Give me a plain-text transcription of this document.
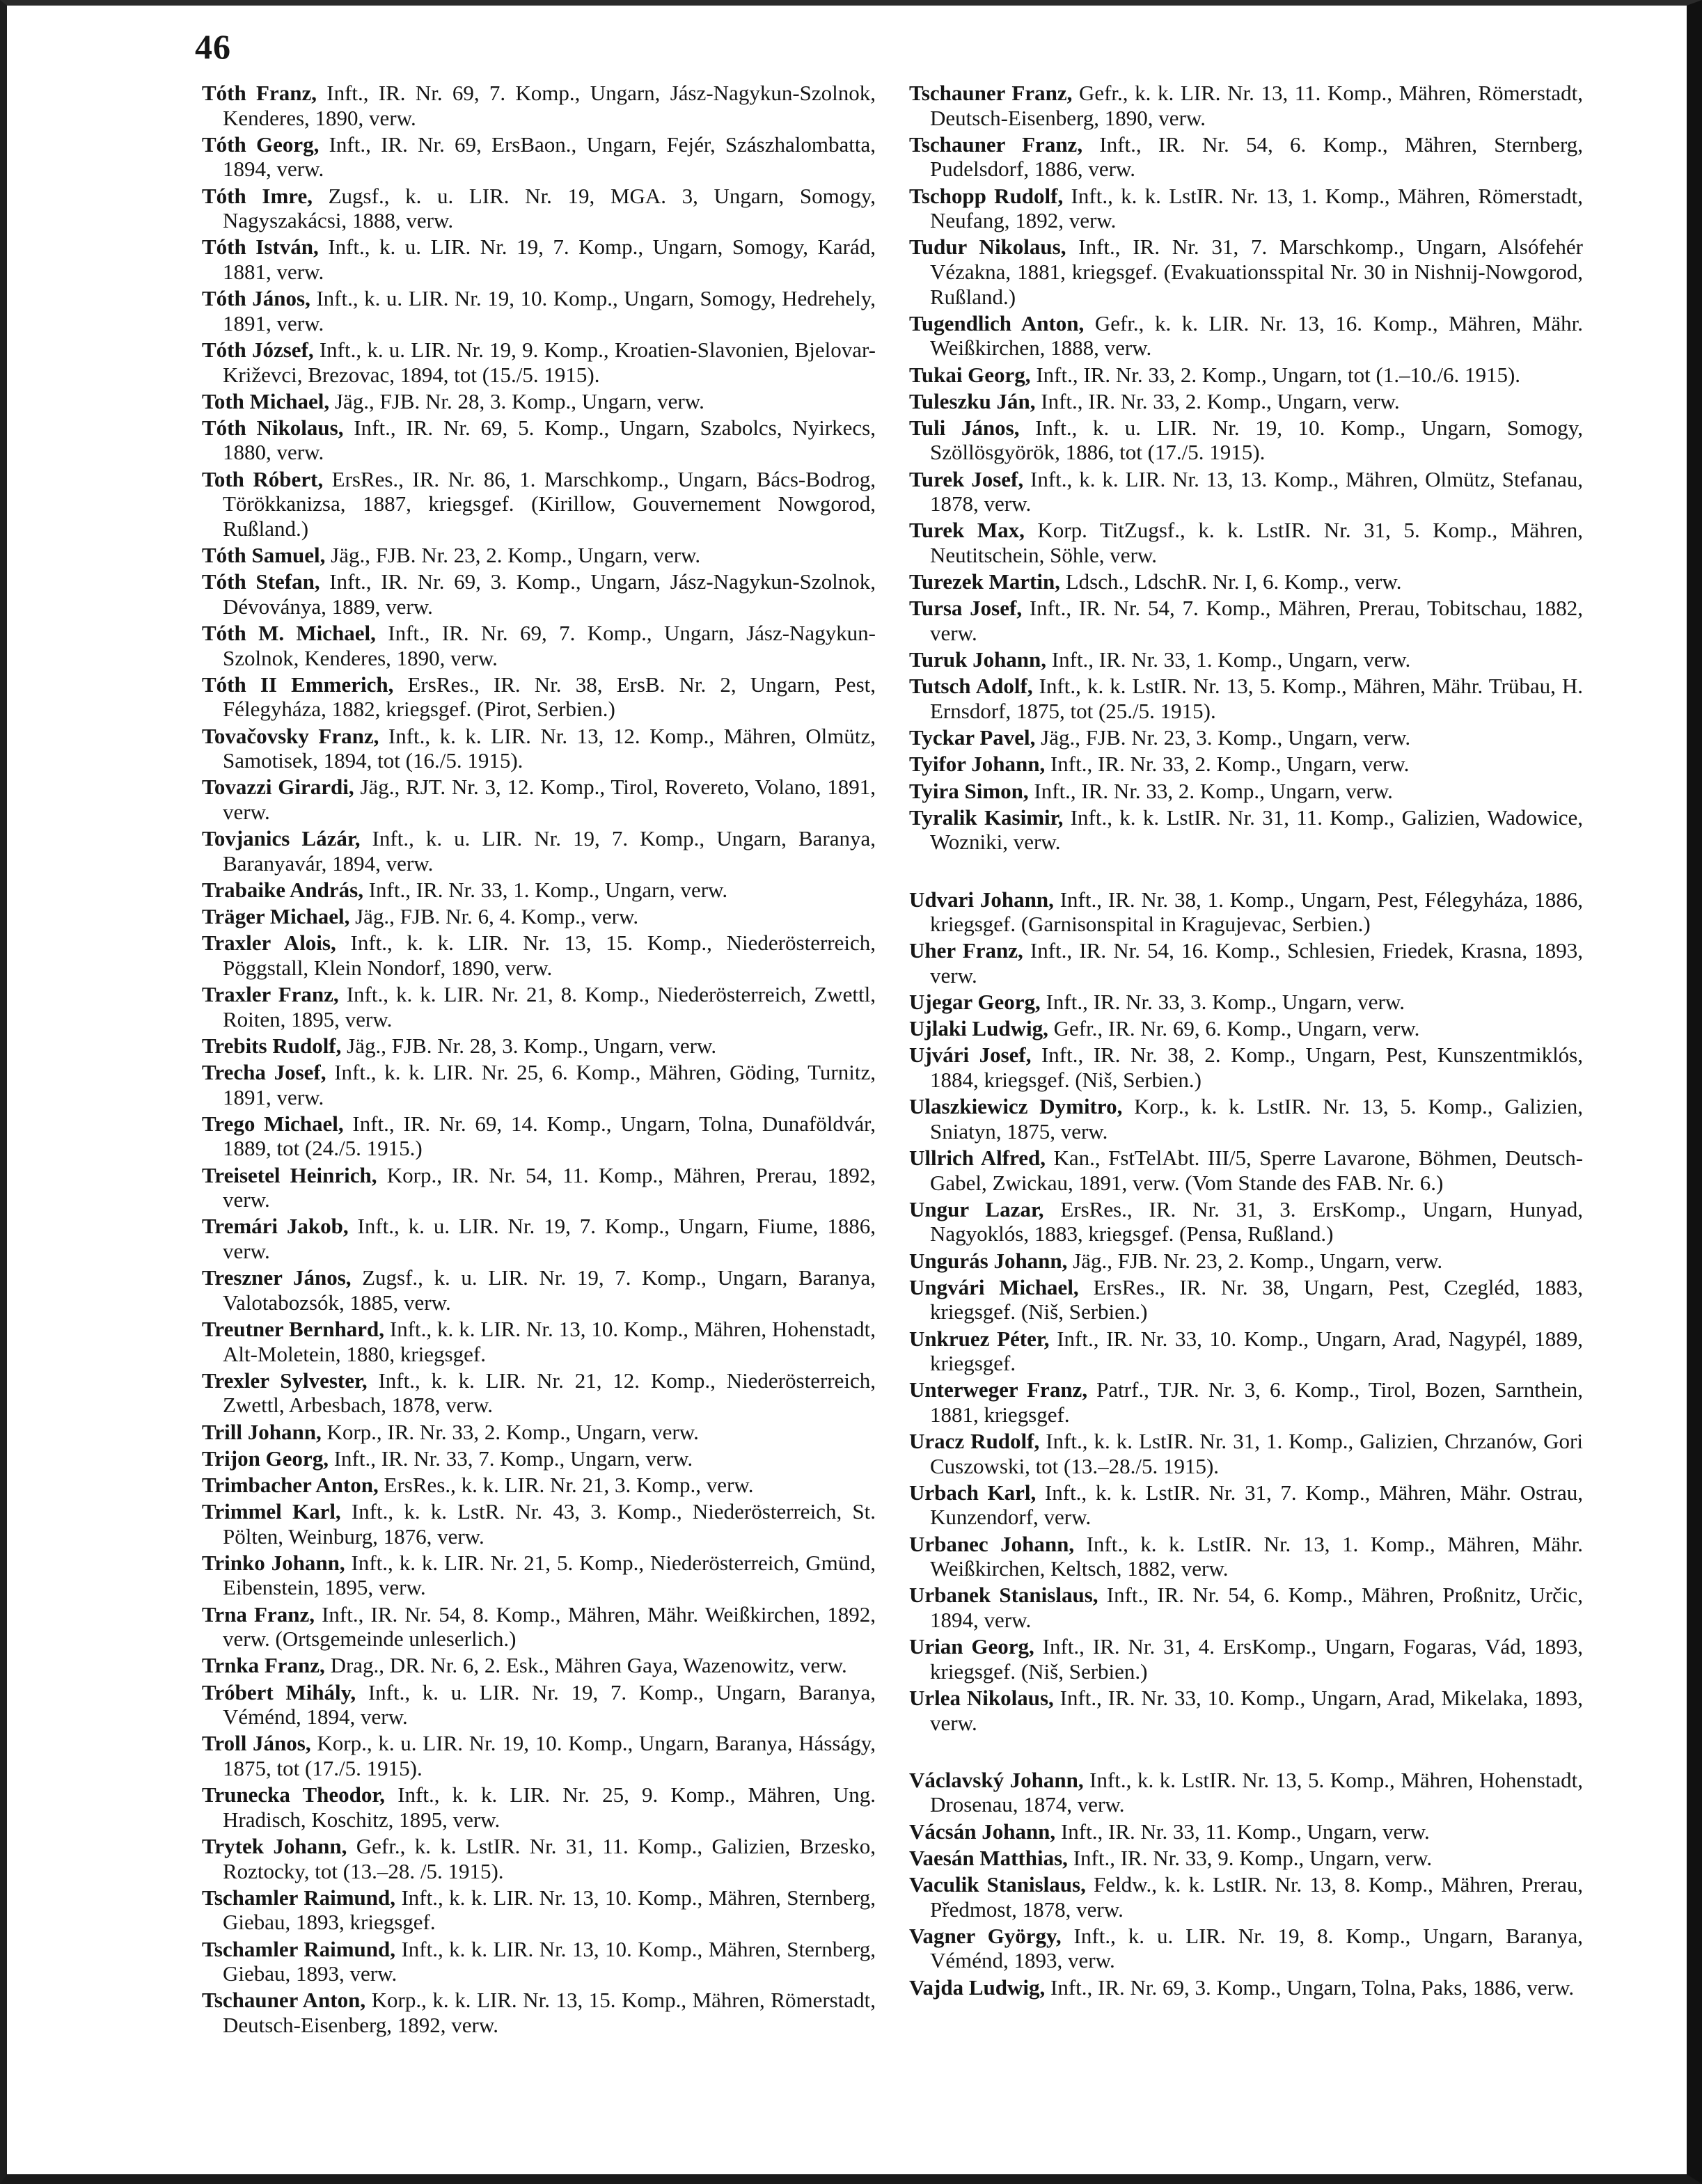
46

Tóth Franz, Inft., IR. Nr. 69, 7. Komp., Ungarn, Jász-Nagykun-Szolnok, Kenderes, 1890, verw.

Tóth Georg, Inft., IR. Nr. 69, ErsBaon., Ungarn, Fejér, Szászhalombatta, 1894, verw.

Tóth Imre, Zugsf., k. u. LIR. Nr. 19, MGA. 3, Ungarn, Somogy, Nagyszakácsi, 1888, verw.

Tóth István, Inft., k. u. LIR. Nr. 19, 7. Komp., Ungarn, Somogy, Karád, 1881, verw.

Tóth János, Inft., k. u. LIR. Nr. 19, 10. Komp., Ungarn, Somogy, Hedrehely, 1891, verw.

Tóth József, Inft., k. u. LIR. Nr. 19, 9. Komp., Kroatien-Slavonien, Bjelovar-Križevci, Brezovac, 1894, tot (15./5. 1915).

Toth Michael, Jäg., FJB. Nr. 28, 3. Komp., Ungarn, verw.

Tóth Nikolaus, Inft., IR. Nr. 69, 5. Komp., Ungarn, Szabolcs, Nyirkecs, 1880, verw.

Toth Róbert, ErsRes., IR. Nr. 86, 1. Marschkomp., Ungarn, Bács-Bodrog, Törökkanizsa, 1887, kriegsgef. (Kirillow, Gouvernement Nowgorod, Rußland.)

Tóth Samuel, Jäg., FJB. Nr. 23, 2. Komp., Ungarn, verw.

Tóth Stefan, Inft., IR. Nr. 69, 3. Komp., Ungarn, Jász-Nagykun-Szolnok, Dévoványa, 1889, verw.

Tóth M. Michael, Inft., IR. Nr. 69, 7. Komp., Ungarn, Jász-Nagykun-Szolnok, Kenderes, 1890, verw.

Tóth II Emmerich, ErsRes., IR. Nr. 38, ErsB. Nr. 2, Ungarn, Pest, Félegyháza, 1882, kriegsgef. (Pirot, Serbien.)

Tovačovsky Franz, Inft., k. k. LIR. Nr. 13, 12. Komp., Mähren, Olmütz, Samotisek, 1894, tot (16./5. 1915).

Tovazzi Girardi, Jäg., RJT. Nr. 3, 12. Komp., Tirol, Rovereto, Volano, 1891, verw.

Tovjanics Lázár, Inft., k. u. LIR. Nr. 19, 7. Komp., Ungarn, Baranya, Baranyavár, 1894, verw.

Trabaike András, Inft., IR. Nr. 33, 1. Komp., Ungarn, verw.

Träger Michael, Jäg., FJB. Nr. 6, 4. Komp., verw.

Traxler Alois, Inft., k. k. LIR. Nr. 13, 15. Komp., Niederösterreich, Pöggstall, Klein Nondorf, 1890, verw.

Traxler Franz, Inft., k. k. LIR. Nr. 21, 8. Komp., Niederösterreich, Zwettl, Roiten, 1895, verw.

Trebits Rudolf, Jäg., FJB. Nr. 28, 3. Komp., Ungarn, verw.

Trecha Josef, Inft., k. k. LIR. Nr. 25, 6. Komp., Mähren, Göding, Turnitz, 1891, verw.

Trego Michael, Inft., IR. Nr. 69, 14. Komp., Ungarn, Tolna, Dunaföldvár, 1889, tot (24./5. 1915.)

Treisetel Heinrich, Korp., IR. Nr. 54, 11. Komp., Mähren, Prerau, 1892, verw.

Tremári Jakob, Inft., k. u. LIR. Nr. 19, 7. Komp., Ungarn, Fiume, 1886, verw.

Treszner János, Zugsf., k. u. LIR. Nr. 19, 7. Komp., Ungarn, Baranya, Valotabozsók, 1885, verw.

Treutner Bernhard, Inft., k. k. LIR. Nr. 13, 10. Komp., Mähren, Hohenstadt, Alt-Moletein, 1880, kriegsgef.

Trexler Sylvester, Inft., k. k. LIR. Nr. 21, 12. Komp., Niederösterreich, Zwettl, Arbesbach, 1878, verw.

Trill Johann, Korp., IR. Nr. 33, 2. Komp., Ungarn, verw.

Trijon Georg, Inft., IR. Nr. 33, 7. Komp., Ungarn, verw.

Trimbacher Anton, ErsRes., k. k. LIR. Nr. 21, 3. Komp., verw.

Trimmel Karl, Inft., k. k. LstR. Nr. 43, 3. Komp., Niederösterreich, St. Pölten, Weinburg, 1876, verw.

Trinko Johann, Inft., k. k. LIR. Nr. 21, 5. Komp., Niederösterreich, Gmünd, Eibenstein, 1895, verw.

Trna Franz, Inft., IR. Nr. 54, 8. Komp., Mähren, Mähr. Weißkirchen, 1892, verw. (Ortsgemeinde unleserlich.)

Trnka Franz, Drag., DR. Nr. 6, 2. Esk., Mähren Gaya, Wazenowitz, verw.

Tróbert Mihály, Inft., k. u. LIR. Nr. 19, 7. Komp., Ungarn, Baranya, Véménd, 1894, verw.

Troll János, Korp., k. u. LIR. Nr. 19, 10. Komp., Ungarn, Baranya, Hásságy, 1875, tot (17./5. 1915).

Trunecka Theodor, Inft., k. k. LIR. Nr. 25, 9. Komp., Mähren, Ung. Hradisch, Koschitz, 1895, verw.

Trytek Johann, Gefr., k. k. LstIR. Nr. 31, 11. Komp., Galizien, Brzesko, Roztocky, tot (13.–28. /5. 1915).

Tschamler Raimund, Inft., k. k. LIR. Nr. 13, 10. Komp., Mähren, Sternberg, Giebau, 1893, kriegsgef.

Tschamler Raimund, Inft., k. k. LIR. Nr. 13, 10. Komp., Mähren, Sternberg, Giebau, 1893, verw.

Tschauner Anton, Korp., k. k. LIR. Nr. 13, 15. Komp., Mähren, Römerstadt, Deutsch-Eisenberg, 1892, verw.

Tschauner Franz, Gefr., k. k. LIR. Nr. 13, 11. Komp., Mähren, Römerstadt, Deutsch-Eisenberg, 1890, verw.

Tschauner Franz, Inft., IR. Nr. 54, 6. Komp., Mähren, Sternberg, Pudelsdorf, 1886, verw.

Tschopp Rudolf, Inft., k. k. LstIR. Nr. 13, 1. Komp., Mähren, Römerstadt, Neufang, 1892, verw.

Tudur Nikolaus, Inft., IR. Nr. 31, 7. Marschkomp., Ungarn, Alsófehér Vézakna, 1881, kriegsgef. (Evakuationsspital Nr. 30 in Nishnij-Nowgorod, Rußland.)

Tugendlich Anton, Gefr., k. k. LIR. Nr. 13, 16. Komp., Mähren, Mähr. Weißkirchen, 1888, verw.

Tukai Georg, Inft., IR. Nr. 33, 2. Komp., Ungarn, tot (1.–10./6. 1915).

Tuleszku Ján, Inft., IR. Nr. 33, 2. Komp., Ungarn, verw.

Tuli János, Inft., k. u. LIR. Nr. 19, 10. Komp., Ungarn, Somogy, Szöllösgyörök, 1886, tot (17./5. 1915).

Turek Josef, Inft., k. k. LIR. Nr. 13, 13. Komp., Mähren, Olmütz, Stefanau, 1878, verw.

Turek Max, Korp. TitZugsf., k. k. LstIR. Nr. 31, 5. Komp., Mähren, Neutitschein, Söhle, verw.

Turezek Martin, Ldsch., LdschR. Nr. I, 6. Komp., verw.

Tursa Josef, Inft., IR. Nr. 54, 7. Komp., Mähren, Prerau, Tobitschau, 1882, verw.

Turuk Johann, Inft., IR. Nr. 33, 1. Komp., Ungarn, verw.

Tutsch Adolf, Inft., k. k. LstIR. Nr. 13, 5. Komp., Mähren, Mähr. Trübau, H. Ernsdorf, 1875, tot (25./5. 1915).

Tyckar Pavel, Jäg., FJB. Nr. 23, 3. Komp., Ungarn, verw.

Tyifor Johann, Inft., IR. Nr. 33, 2. Komp., Ungarn, verw.

Tyira Simon, Inft., IR. Nr. 33, 2. Komp., Ungarn, verw.

Tyralik Kasimir, Inft., k. k. LstIR. Nr. 31, 11. Komp., Galizien, Wadowice, Wozniki, verw.

Udvari Johann, Inft., IR. Nr. 38, 1. Komp., Ungarn, Pest, Félegyháza, 1886, kriegsgef. (Garnisonspital in Kragujevac, Serbien.)

Uher Franz, Inft., IR. Nr. 54, 16. Komp., Schlesien, Friedek, Krasna, 1893, verw.

Ujegar Georg, Inft., IR. Nr. 33, 3. Komp., Ungarn, verw.

Ujlaki Ludwig, Gefr., IR. Nr. 69, 6. Komp., Ungarn, verw.

Ujvári Josef, Inft., IR. Nr. 38, 2. Komp., Ungarn, Pest, Kunszentmiklós, 1884, kriegsgef. (Niš, Serbien.)

Ulaszkiewicz Dymitro, Korp., k. k. LstIR. Nr. 13, 5. Komp., Galizien, Sniatyn, 1875, verw.

Ullrich Alfred, Kan., FstTelAbt. III/5, Sperre Lavarone, Böhmen, Deutsch-Gabel, Zwickau, 1891, verw. (Vom Stande des FAB. Nr. 6.)

Ungur Lazar, ErsRes., IR. Nr. 31, 3. ErsKomp., Ungarn, Hunyad, Nagyoklós, 1883, kriegsgef. (Pensa, Rußland.)

Ungurás Johann, Jäg., FJB. Nr. 23, 2. Komp., Ungarn, verw.

Ungvári Michael, ErsRes., IR. Nr. 38, Ungarn, Pest, Czegléd, 1883, kriegsgef. (Niš, Serbien.)

Unkruez Péter, Inft., IR. Nr. 33, 10. Komp., Ungarn, Arad, Nagypél, 1889, kriegsgef.

Unterweger Franz, Patrf., TJR. Nr. 3, 6. Komp., Tirol, Bozen, Sarnthein, 1881, kriegsgef.

Uracz Rudolf, Inft., k. k. LstIR. Nr. 31, 1. Komp., Galizien, Chrzanów, Gori Cuszowski, tot (13.–28./5. 1915).

Urbach Karl, Inft., k. k. LstIR. Nr. 31, 7. Komp., Mähren, Mähr. Ostrau, Kunzendorf, verw.

Urbanec Johann, Inft., k. k. LstIR. Nr. 13, 1. Komp., Mähren, Mähr. Weißkirchen, Keltsch, 1882, verw.

Urbanek Stanislaus, Inft., IR. Nr. 54, 6. Komp., Mähren, Proßnitz, Určic, 1894, verw.

Urian Georg, Inft., IR. Nr. 31, 4. ErsKomp., Ungarn, Fogaras, Vád, 1893, kriegsgef. (Niš, Serbien.)

Urlea Nikolaus, Inft., IR. Nr. 33, 10. Komp., Ungarn, Arad, Mikelaka, 1893, verw.

Václavský Johann, Inft., k. k. LstIR. Nr. 13, 5. Komp., Mähren, Hohenstadt, Drosenau, 1874, verw.

Vácsán Johann, Inft., IR. Nr. 33, 11. Komp., Ungarn, verw.

Vaesán Matthias, Inft., IR. Nr. 33, 9. Komp., Ungarn, verw.

Vaculik Stanislaus, Feldw., k. k. LstIR. Nr. 13, 8. Komp., Mähren, Prerau, Předmost, 1878, verw.

Vagner György, Inft., k. u. LIR. Nr. 19, 8. Komp., Ungarn, Baranya, Véménd, 1893, verw.

Vajda Ludwig, Inft., IR. Nr. 69, 3. Komp., Ungarn, Tolna, Paks, 1886, verw.
